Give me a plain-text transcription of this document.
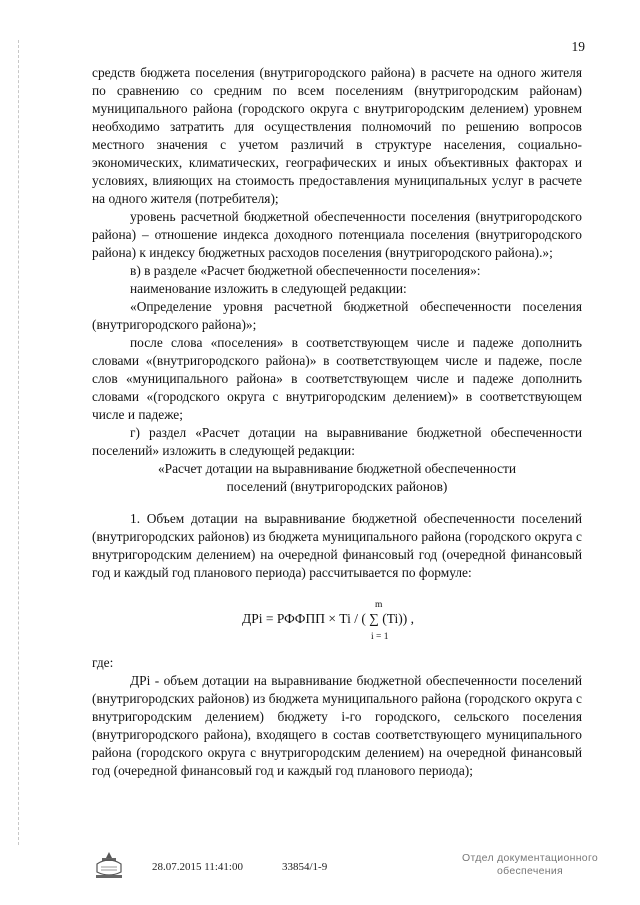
19

средств бюджета поселения (внутригородского района) в расчете на одного жителя по сравнению со средним по всем поселениям (внутригородским районам) муниципального района (городского округа с внутригородским делением) уровнем необходимо затратить для осуществления полномочий по решению вопросов местного значения с учетом различий в структуре населения, социально-экономических, климатических, географических и иных объективных факторах и условиях, влияющих на стоимость предоставления муниципальных услуг в расчете на одного жителя (потребителя);

уровень расчетной бюджетной обеспеченности поселения (внутригородского района) – отношение индекса доходного потенциала поселения (внутригородского района) к индексу бюджетных расходов поселения (внутригородского района).»;

в) в разделе «Расчет бюджетной обеспеченности поселения»:

наименование изложить в следующей редакции:

«Определение уровня расчетной бюджетной обеспеченности поселения (внутригородского района)»;

после слова «поселения» в соответствующем числе и падеже дополнить словами «(внутригородского района)» в соответствующем числе и падеже, после слов «муниципального района» в соответствующем числе и падеже дополнить словами «(городского округа с внутригородским делением)» в соответствующем числе и падеже;

г) раздел «Расчет дотации на выравнивание бюджетной обеспеченности поселений» изложить в следующей редакции:

«Расчет дотации на выравнивание бюджетной обеспеченности

поселений (внутригородских районов)

1. Объем дотации на выравнивание бюджетной обеспеченности поселений (внутригородских районов) из бюджета муниципального района (городского округа с внутригородским делением) на очередной финансовый год (очередной финансовый год и каждый год планового периода) рассчитывается по формуле:

m
ДРi = РФФПП × Ti / ( ∑ (Ti)) ,
i = 1

где:

ДРi - объем дотации на выравнивание бюджетной обеспеченности поселений (внутригородских районов) из бюджета муниципального района (городского округа с внутригородским делением) бюджету i-го городского, сельского поселения (внутригородского района), входящего в состав соответствующего муниципального района (городского округа с внутригородским делением) на очередной финансовый год (очередной финансовый год и каждый год планового периода);

28.07.2015 11:41:00	33854/1-9
Отдел документационного
обеспечения
